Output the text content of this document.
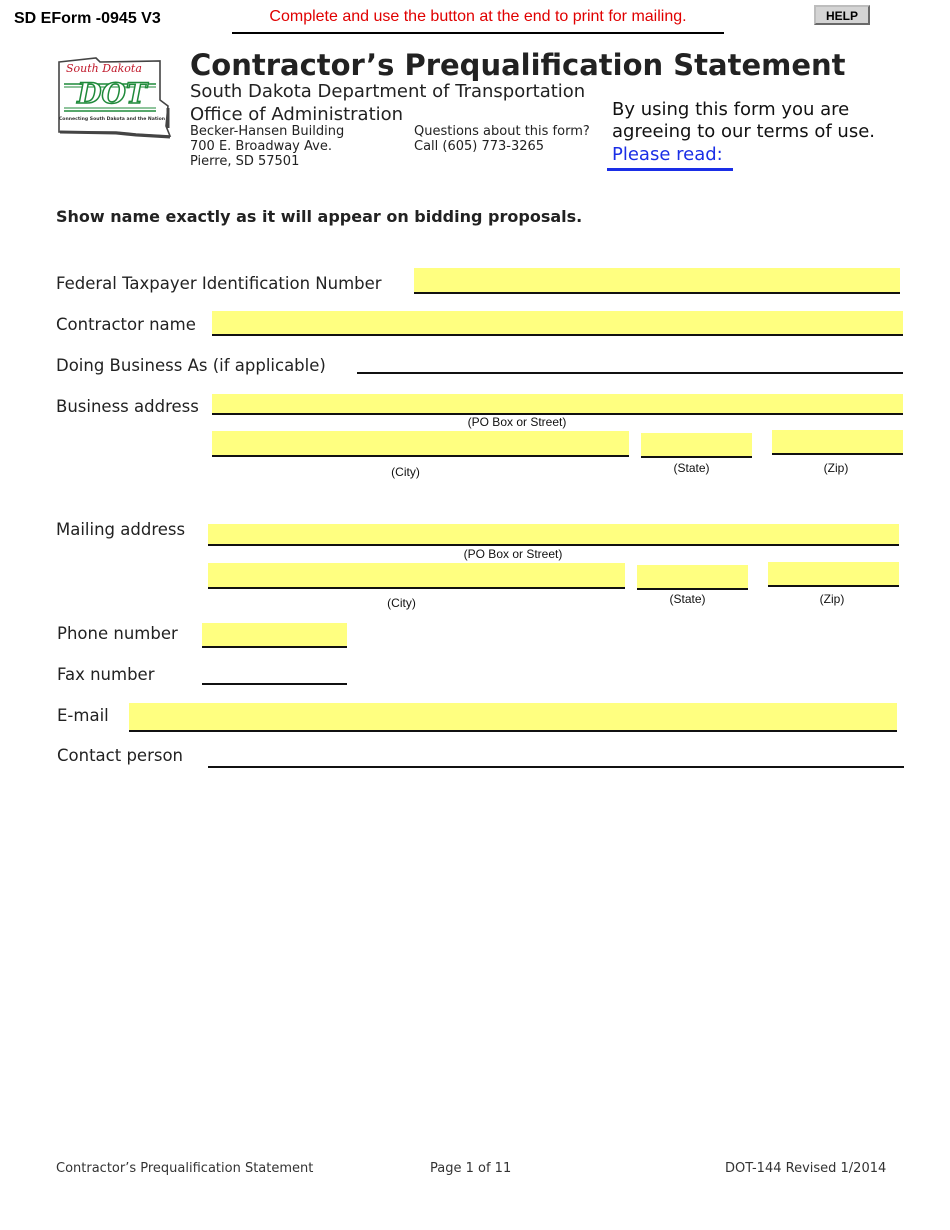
SD EForm -0945 V3	Complete and use the button at the end to print for mailing.	HELP
South Dakota
DOT
Connecting South Dakota and the Nation
Contractor’s Prequalification Statement
South Dakota Department of Transportation
Office of Administration
Becker-Hansen Building
700 E. Broadway Ave.
Pierre, SD 57501
Questions about this form?
Call (605) 773-3265
By using this form you are
agreeing to our terms of use.
Please read:
Show name exactly as it will appear on bidding proposals.
Federal Taxpayer Identification Number
Contractor name
Doing Business As (if applicable)
Business address
(PO Box or Street)
(City)	(State)	(Zip)
Mailing address
(PO Box or Street)
(City)	(State)	(Zip)
Phone number
Fax number
E-mail
Contact person
Contractor’s Prequalification Statement	Page 1 of 11	DOT-144 Revised 1/2014
